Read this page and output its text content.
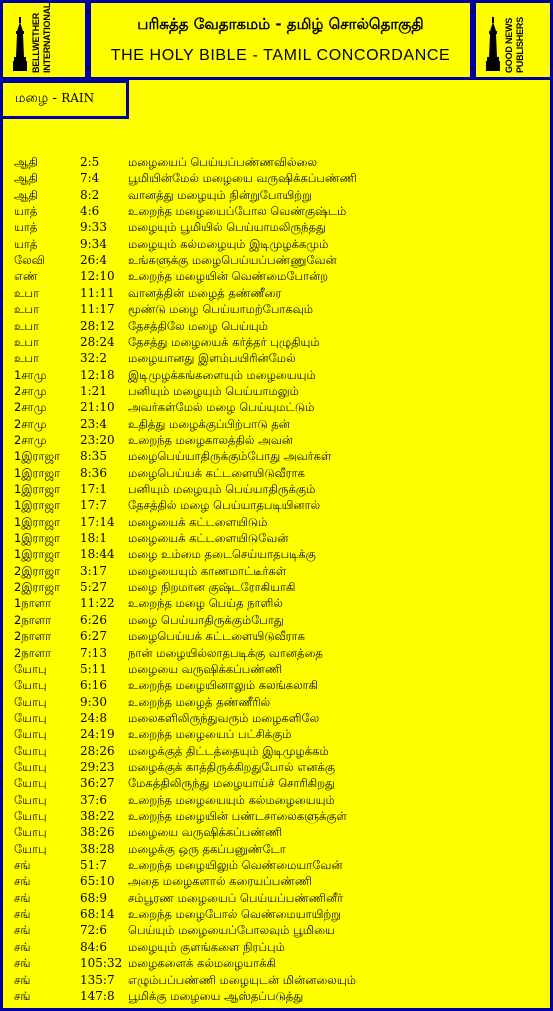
BELLWETHER
INTERNATIONAL	பரிசுத்த வேதாகமம் - தமிழ் சொல்தொகுதி
THE HOLY BIBLE - TAMIL CONCORDANCE	GOOD NEWS
PUBLISHERS
மழை - RAIN
ஆதி	2:5	மழையைப் பெய்யப்பண்ணவில்லை
ஆதி	7:4	பூமியின்மேல் மழையை வருஷிக்கப்பண்ணி
ஆதி	8:2	வானத்து மழையும் நின்றுபோயிற்று
யாத்	4:6	உறைந்த மழையைப்போல வெண்குஷ்டம்
யாத்	9:33	மழையும் பூமியில் பெய்யாமலிருந்தது
யாத்	9:34	மழையும் கல்மழையும் இடிமுழக்கமும்
லேவி	26:4	உங்களுக்கு மழைபெய்யப்பண்ணுவேன்
எண்	12:10	உறைந்த மழையின் வெண்மைபோன்ற
உபா	11:11	வானத்தின் மழைத் தண்ணீரை
உபா	11:17	மூண்டு மழை பெய்யாமற்போகவும்
உபா	28:12	தேசத்திலே மழை பெய்யும்
உபா	28:24	தேசத்து மழையைக் கர்த்தர் புழுதியும்
உபா	32:2	மழையானது இளம்பயிரின்மேல்
1சாமு	12:18	இடிமுழக்கங்களையும் மழையையும்
2சாமு	1:21	பனியும் மழையும் பெய்யாமலும்
2சாமு	21:10	அவர்கள்மேல் மழை பெய்யுமட்டும்
2சாமு	23:4	உதித்து மழைக்குப்பிற்பாடு தன்
2சாமு	23:20	உறைந்த மழைகாலத்தில் அவன்
1இராஜா	8:35	மழைபெய்யாதிருக்கும்போது அவர்கள்
1இராஜா	8:36	மழைபெய்யக் கட்டளையிடுவீராக
1இராஜா	17:1	பனியும் மழையும் பெய்யாதிருக்கும்
1இராஜா	17:7	தேசத்தில் மழை பெய்யாதபடியினால்
1இராஜா	17:14	மழையைக் கட்டளையிடும்
1இராஜா	18:1	மழையைக் கட்டளையிடுவேன்
1இராஜா	18:44	மழை உம்மை தடைசெய்யாதபடிக்கு
2இராஜா	3:17	மழையையும் காணமாட்டீர்கள்
2இராஜா	5:27	மழை நிறமான குஷ்டரோகியாகி
1நாளா	11:22	உறைந்த மழை பெய்த நாளில்
2நாளா	6:26	மழை பெய்யாதிருக்கும்போது
2நாளா	6:27	மழைபெய்யக் கட்டளையிடுவீராக
2நாளா	7:13	நான் மழையில்லாதபடிக்கு வானத்தை
யோபு	5:11	மழையை வருஷிக்கப்பண்ணி
யோபு	6:16	உறைந்த மழையினாலும் கலங்கலாகி
யோபு	9:30	உறைந்த மழைத் தண்ணீரில்
யோபு	24:8	மலைகளிலிருந்துவரும் மழைகளிலே
யோபு	24:19	உறைந்த மழையைப் பட்சிக்கும்
யோபு	28:26	மழைக்குத் திட்டத்தையும் இடிமுழக்கம்
யோபு	29:23	மழைக்குக் காத்திருக்கிறதுபோல் எனக்கு
யோபு	36:27	மேகத்திலிருந்து மழையாய்ச் சொரிகிறது
யோபு	37:6	உறைந்த மழையையும் கல்மழையையும்
யோபு	38:22	உறைந்த மழையின் பண்டசாலைகளுக்குள்
யோபு	38:26	மழையை வருஷிக்கப்பண்ணி
யோபு	38:28	மழைக்கு ஒரு தகப்பனுண்டோ
சங்	51:7	உறைந்த மழையிலும் வெண்மையாவேன்
சங்	65:10	அதை மழைகளால் கரையப்பண்ணி
சங்	68:9	சம்பூரண மழையைப் பெய்யப்பண்ணினீர்
சங்	68:14	உறைந்த மழைபோல் வெண்மையாயிற்று
சங்	72:6	பெய்யும் மழையைப்போலவும் பூமியை
சங்	84:6	மழையும் குளங்களை நிரப்பும்
சங்	105:32 மழைகளைக் கல்மழையாக்கி
சங்	135:7	எழும்பப்பண்ணி மழையுடன் மின்னலையும்
சங்	147:8	பூமிக்கு மழையை ஆஸ்தப்படுத்து
